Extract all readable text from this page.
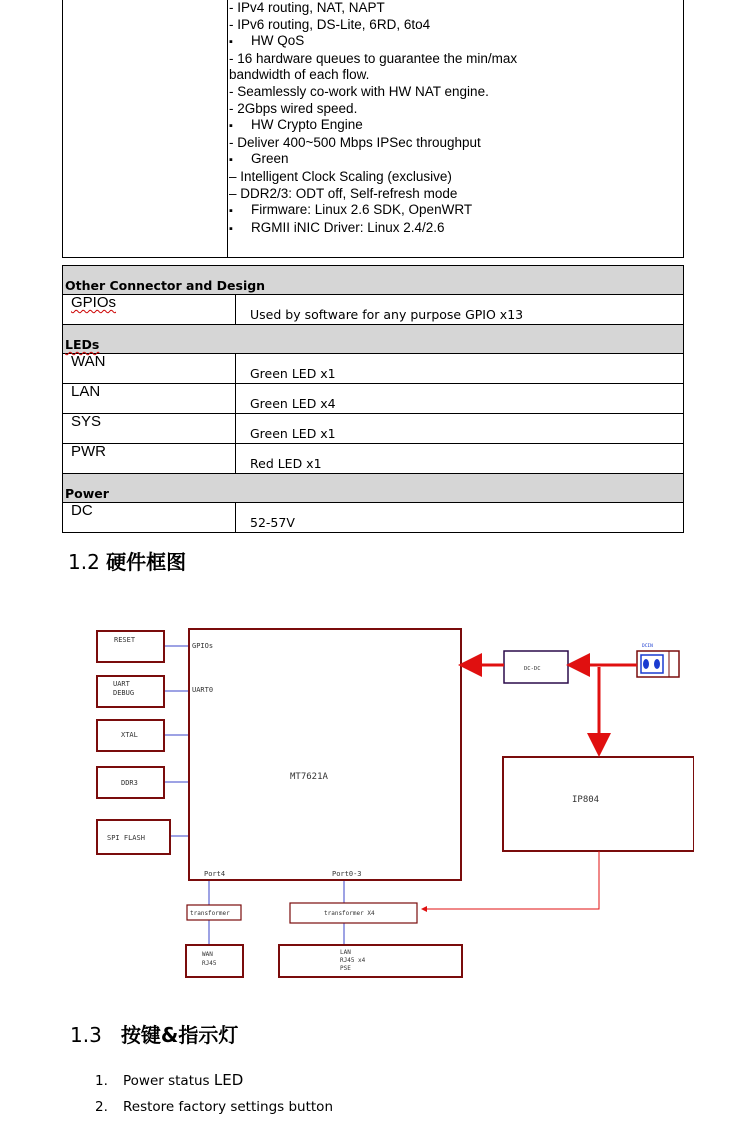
- IPv4 routing, NAT, NAPT
- IPv6 routing, DS-Lite, 6RD, 6to4
▪ HW QoS
- 16 hardware queues to guarantee the min/max
bandwidth of each flow.
- Seamlessly co-work with HW NAT engine.
- 2Gbps wired speed.
▪ HW Crypto Engine
- Deliver 400~500 Mbps IPSec throughput
▪ Green
– Intelligent Clock Scaling (exclusive)
– DDR2/3: ODT off, Self-refresh mode
▪ Firmware: Linux 2.6 SDK, OpenWRT
▪ RGMII iNIC Driver: Linux 2.4/2.6
Other Connector and Design	
GPIOs	Used by software for any purpose GPIO x13
LEDs	
WAN	Green LED x1
LAN	Green LED x4
SYS	Green LED x1
PWR	Red LED x1
Power	
DC	52-57V
1.2 硬件框图
RESET
UART
DEBUG
XTAL
DDR3
SPI FLASH
GPIOs
UART0
MT7621A
DC-DC
DCIN
IP804
Port4	Port0-3
transformer	transformer X4
WAN
RJ45
LAN
RJ45 x4
PSE
1.3 按键&指示灯
1. Power status LED
2. Restore factory settings button
